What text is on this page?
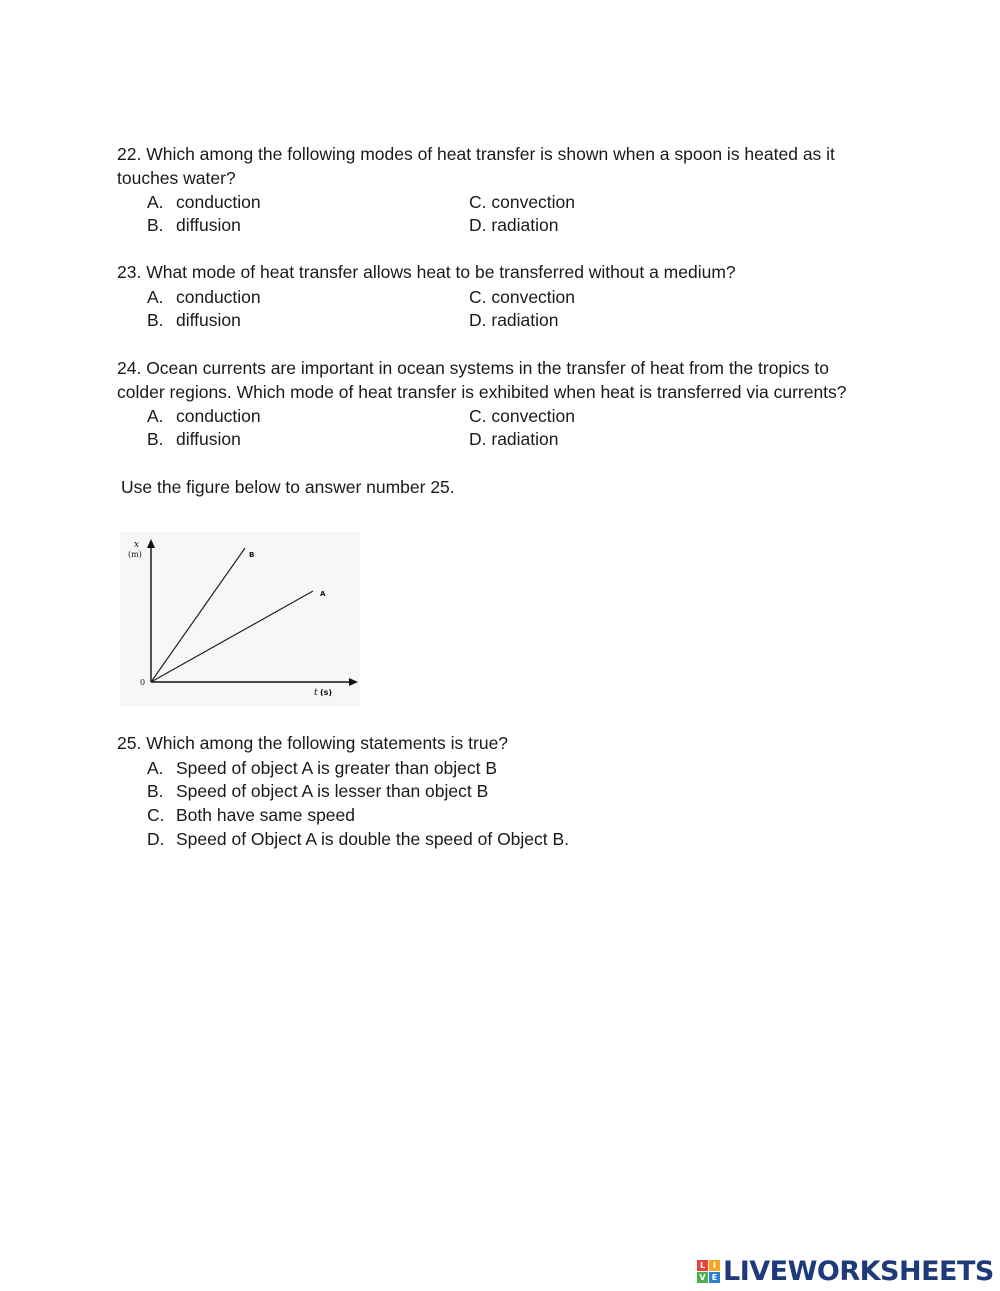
22. Which among the following modes of heat transfer is shown when a spoon is heated as it touches water?

A. conduction
B. diffusion
C. convection
D. radiation

23. What mode of heat transfer allows heat to be transferred without a medium?

A. conduction
B. diffusion
C. convection
D. radiation

24. Ocean currents are important in ocean systems in the transfer of heat from the tropics to colder regions. Which mode of heat transfer is exhibited when heat is transferred via currents?

A. conduction
B. diffusion
C. convection
D. radiation
Use the figure below to answer number 25.
x
(m)
0
B
A
t (s)

25. Which among the following statements is true?

A. Speed of object A is greater than object B
B. Speed of object A is lesser than object B
C. Both have same speed
D. Speed of Object A is double the speed of Object B.
L I
V E LIVEWORKSHEETS
